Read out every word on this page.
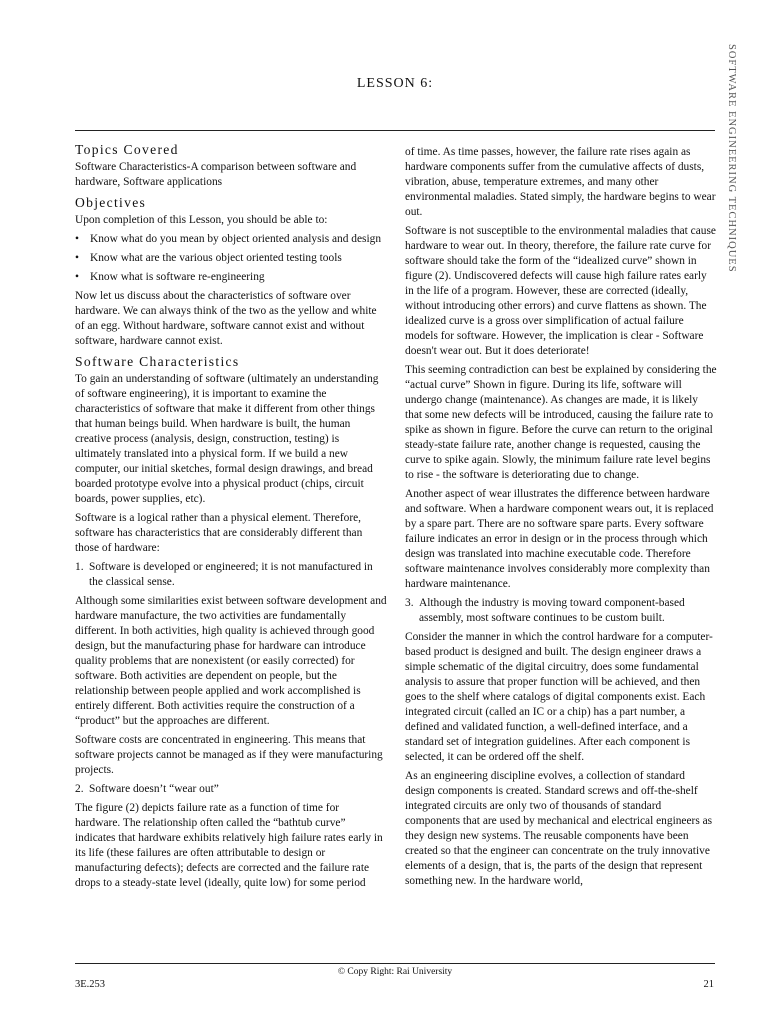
SOFTWARE ENGINEERING TECHNIQUES
LESSON 6:
Topics Covered

Software Characteristics-A comparison between software and hardware, Software applications

Objectives

Upon completion of this Lesson, you should be able to:

• Know what do you mean by object oriented analysis and design
• Know what are the various object oriented testing tools
• Know what is software re-engineering

Now let us discuss about the characteristics of software over hardware. We can always think of the two as the yellow and white of an egg. Without hardware, software cannot exist and without software, hardware cannot exist.

Software Characteristics

To gain an understanding of software (ultimately an understanding of software engineering), it is important to examine the characteristics of software that make it different from other things that human beings build. When hardware is built, the human creative process (analysis, design, construction, testing) is ultimately translated into a physical form. If we build a new computer, our initial sketches, formal design drawings, and bread boarded prototype evolve into a physical product (chips, circuit boards, power supplies, etc).

Software is a logical rather than a physical element. Therefore, software has characteristics that are considerably different than those of hardware:

1. Software is developed or engineered; it is not manufactured in the classical sense.

Although some similarities exist between software development and hardware manufacture, the two activities are fundamentally different. In both activities, high quality is achieved through good design, but the manufacturing phase for hardware can introduce quality problems that are nonexistent (or easily corrected) for software. Both activities are dependent on people, but the relationship between people applied and work accomplished is entirely different. Both activities require the construction of a “product” but the approaches are different.

Software costs are concentrated in engineering. This means that software projects cannot be managed as if they were manufacturing projects.

2. Software doesn’t “wear out”

The figure (2) depicts failure rate as a function of time for hardware. The relationship often called the “bathtub curve” indicates that hardware exhibits relatively high failure rates early in its life (these failures are often attributable to design or manufacturing defects); defects are corrected and the failure rate drops to a steady-state level (ideally, quite low) for some period

of time. As time passes, however, the failure rate rises again as hardware components suffer from the cumulative affects of dusts, vibration, abuse, temperature extremes, and many other environmental maladies. Stated simply, the hardware begins to wear out.

Software is not susceptible to the environmental maladies that cause hardware to wear out. In theory, therefore, the failure rate curve for software should take the form of the “idealized curve” shown in figure (2). Undiscovered defects will cause high failure rates early in the life of a program. However, these are corrected (ideally, without introducing other errors) and curve flattens as shown. The idealized curve is a gross over simplification of actual failure models for software. However, the implication is clear - Software doesn't wear out. But it does deteriorate!

This seeming contradiction can best be explained by considering the “actual curve” Shown in figure. During its life, software will undergo change (maintenance). As changes are made, it is likely that some new defects will be introduced, causing the failure rate to spike as shown in figure. Before the curve can return to the original steady-state failure rate, another change is requested, causing the curve to spike again. Slowly, the minimum failure rate level begins to rise - the software is deteriorating due to change.

Another aspect of wear illustrates the difference between hardware and software. When a hardware component wears out, it is replaced by a spare part. There are no software spare parts. Every software failure indicates an error in design or in the process through which design was translated into machine executable code. Therefore software maintenance involves considerably more complexity than hardware maintenance.

3. Although the industry is moving toward component-based assembly, most software continues to be custom built.

Consider the manner in which the control hardware for a computer-based product is designed and built. The design engineer draws a simple schematic of the digital circuitry, does some fundamental analysis to assure that proper function will be achieved, and then goes to the shelf where catalogs of digital components exist. Each integrated circuit (called an IC or a chip) has a part number, a defined and validated function, a well-defined interface, and a standard set of integration guidelines. After each component is selected, it can be ordered off the shelf.

As an engineering discipline evolves, a collection of standard design components is created. Standard screws and off-the-shelf integrated circuits are only two of thousands of standard components that are used by mechanical and electrical engineers as they design new systems. The reusable components have been created so that the engineer can concentrate on the truly innovative elements of a design, that is, the parts of the design that represent something new. In the hardware world,

© Copy Right: Rai University
3E.253	21
